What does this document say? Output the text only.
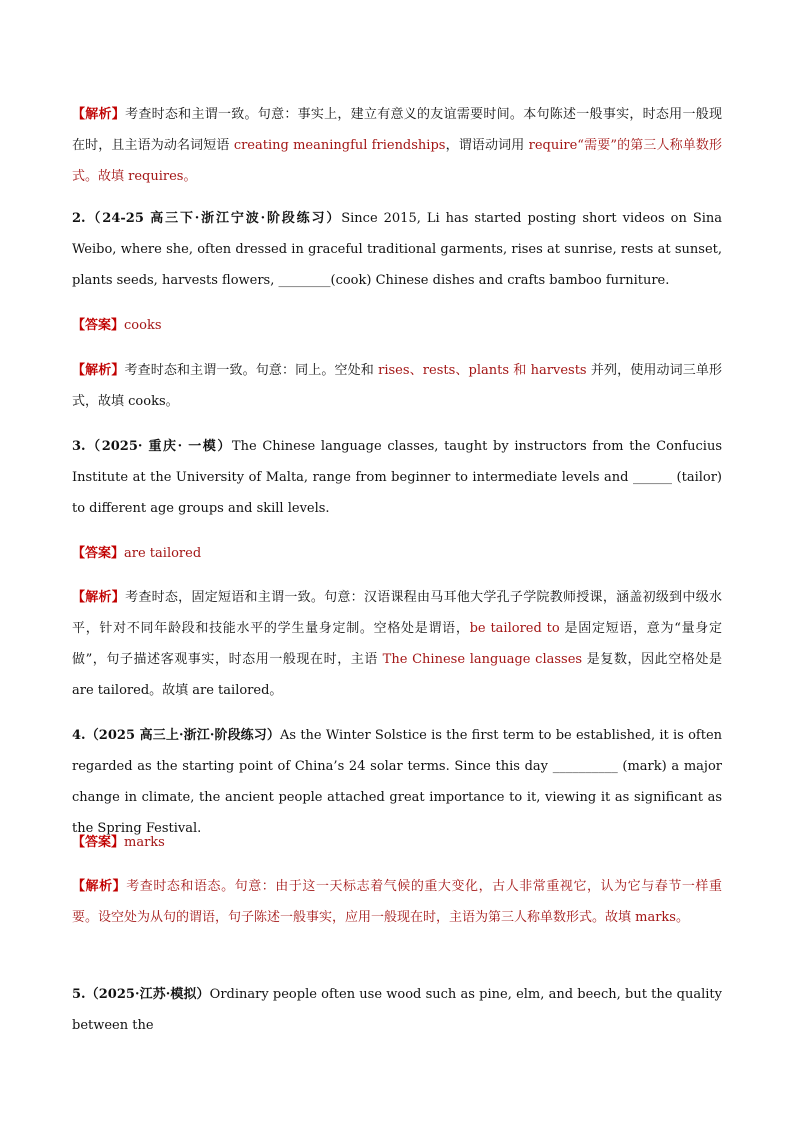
【解析】考查时态和主谓一致。句意：事实上，建立有意义的友谊需要时间。本句陈述一般事实，时态用一般现在时，且主语为动名词短语 creating meaningful friendships，谓语动词用 require“需要”的第三人称单数形式。故填 requires。
2.（24-25 高三下·浙江宁波·阶段练习）Since 2015, Li has started posting short videos on Sina Weibo, where she, often dressed in graceful traditional garments, rises at sunrise, rests at sunset, plants seeds, harvests flowers, ________(cook) Chinese dishes and crafts bamboo furniture.
【答案】cooks
【解析】考查时态和主谓一致。句意：同上。空处和 rises、rests、plants 和 harvests 并列，使用动词三单形式，故填 cooks。
3.（2025· 重庆· 一模）The Chinese language classes, taught by instructors from the Confucius Institute at the University of Malta, range from beginner to intermediate levels and ______ (tailor) to different age groups and skill levels.
【答案】are tailored
【解析】考查时态，固定短语和主谓一致。句意：汉语课程由马耳他大学孔子学院教师授课，涵盖初级到中级水平，针对不同年龄段和技能水平的学生量身定制。空格处是谓语，be tailored to 是固定短语，意为“量身定做”，句子描述客观事实，时态用一般现在时，主语 The Chinese language classes 是复数，因此空格处是 are tailored。故填 are tailored。
4.（2025 高三上·浙江·阶段练习）As the Winter Solstice is the first term to be established, it is often regarded as the starting point of China’s 24 solar terms. Since this day __________ (mark) a major change in climate, the ancient people attached great importance to it, viewing it as significant as the Spring Festival.
【答案】marks
【解析】考查时态和语态。句意：由于这一天标志着气候的重大变化，古人非常重视它，认为它与春节一样重要。设空处为从句的谓语，句子陈述一般事实，应用一般现在时，主语为第三人称单数形式。故填 marks。
5.（2025·江苏·模拟）Ordinary people often use wood such as pine, elm, and beech, but the quality between the
